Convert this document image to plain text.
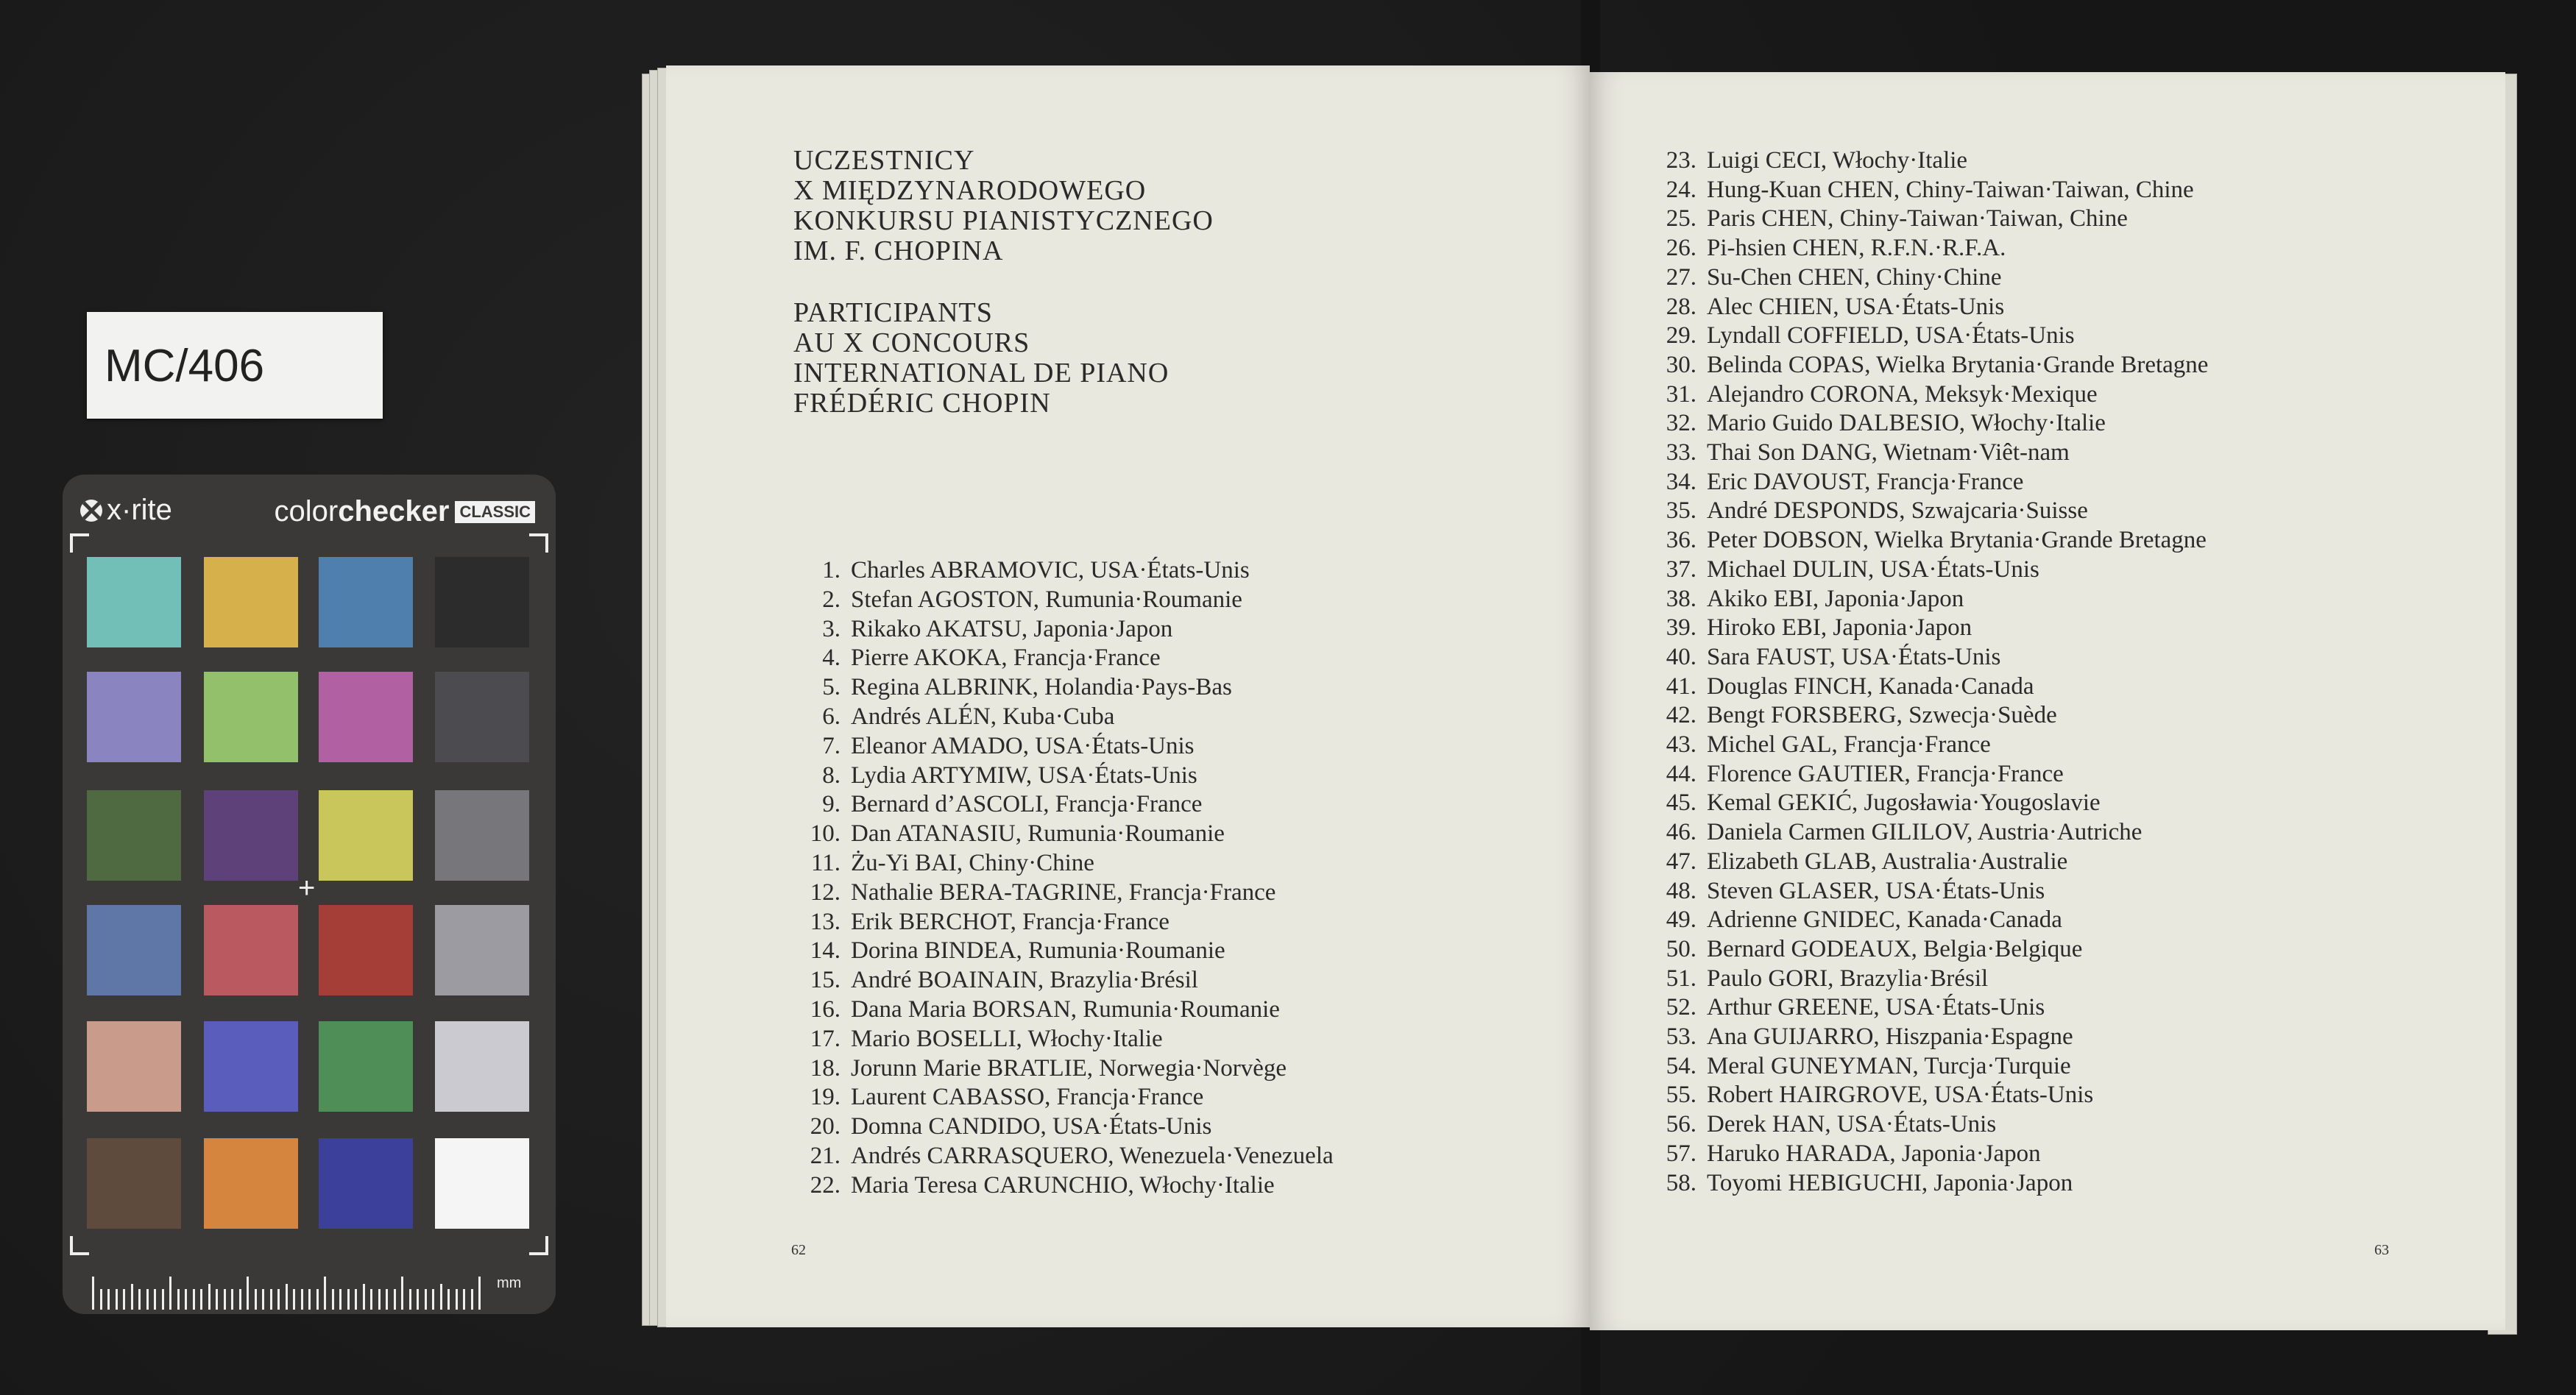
MC/406
x·rite	colorchecker CLASSIC
+
mm
UCZESTNICY
X MIĘDZYNARODOWEGO
KONKURSU PIANISTYCZNEGO
IM. F. CHOPINA
PARTICIPANTS
AU X CONCOURS
INTERNATIONAL DE PIANO
FRÉDÉRIC CHOPIN
1. Charles ABRAMOVIC, USA·États-Unis
2. Stefan AGOSTON, Rumunia·Roumanie
3. Rikako AKATSU, Japonia·Japon
4. Pierre AKOKA, Francja·France
5. Regina ALBRINK, Holandia·Pays-Bas
6. Andrés ALÉN, Kuba·Cuba
7. Eleanor AMADO, USA·États-Unis
8. Lydia ARTYMIW, USA·États-Unis
9. Bernard d’ASCOLI, Francja·France
10. Dan ATANASIU, Rumunia·Roumanie
11. Żu-Yi BAI, Chiny·Chine
12. Nathalie BERA-TAGRINE, Francja·France
13. Erik BERCHOT, Francja·France
14. Dorina BINDEA, Rumunia·Roumanie
15. André BOAINAIN, Brazylia·Brésil
16. Dana Maria BORSAN, Rumunia·Roumanie
17. Mario BOSELLI, Włochy·Italie
18. Jorunn Marie BRATLIE, Norwegia·Norvège
19. Laurent CABASSO, Francja·France
20. Domna CANDIDO, USA·États-Unis
21. Andrés CARRASQUERO, Wenezuela·Venezuela
22. Maria Teresa CARUNCHIO, Włochy·Italie
23. Luigi CECI, Włochy·Italie
24. Hung-Kuan CHEN, Chiny-Taiwan·Taiwan, Chine
25. Paris CHEN, Chiny-Taiwan·Taiwan, Chine
26. Pi-hsien CHEN, R.F.N.·R.F.A.
27. Su-Chen CHEN, Chiny·Chine
28. Alec CHIEN, USA·États-Unis
29. Lyndall COFFIELD, USA·États-Unis
30. Belinda COPAS, Wielka Brytania·Grande Bretagne
31. Alejandro CORONA, Meksyk·Mexique
32. Mario Guido DALBESIO, Włochy·Italie
33. Thai Son DANG, Wietnam·Viêt-nam
34. Eric DAVOUST, Francja·France
35. André DESPONDS, Szwajcaria·Suisse
36. Peter DOBSON, Wielka Brytania·Grande Bretagne
37. Michael DULIN, USA·États-Unis
38. Akiko EBI, Japonia·Japon
39. Hiroko EBI, Japonia·Japon
40. Sara FAUST, USA·États-Unis
41. Douglas FINCH, Kanada·Canada
42. Bengt FORSBERG, Szwecja·Suède
43. Michel GAL, Francja·France
44. Florence GAUTIER, Francja·France
45. Kemal GEKIĆ, Jugosławia·Yougoslavie
46. Daniela Carmen GILILOV, Austria·Autriche
47. Elizabeth GLAB, Australia·Australie
48. Steven GLASER, USA·États-Unis
49. Adrienne GNIDEC, Kanada·Canada
50. Bernard GODEAUX, Belgia·Belgique
51. Paulo GORI, Brazylia·Brésil
52. Arthur GREENE, USA·États-Unis
53. Ana GUIJARRO, Hiszpania·Espagne
54. Meral GUNEYMAN, Turcja·Turquie
55. Robert HAIRGROVE, USA·États-Unis
56. Derek HAN, USA·États-Unis
57. Haruko HARADA, Japonia·Japon
58. Toyomi HEBIGUCHI, Japonia·Japon
62	63
